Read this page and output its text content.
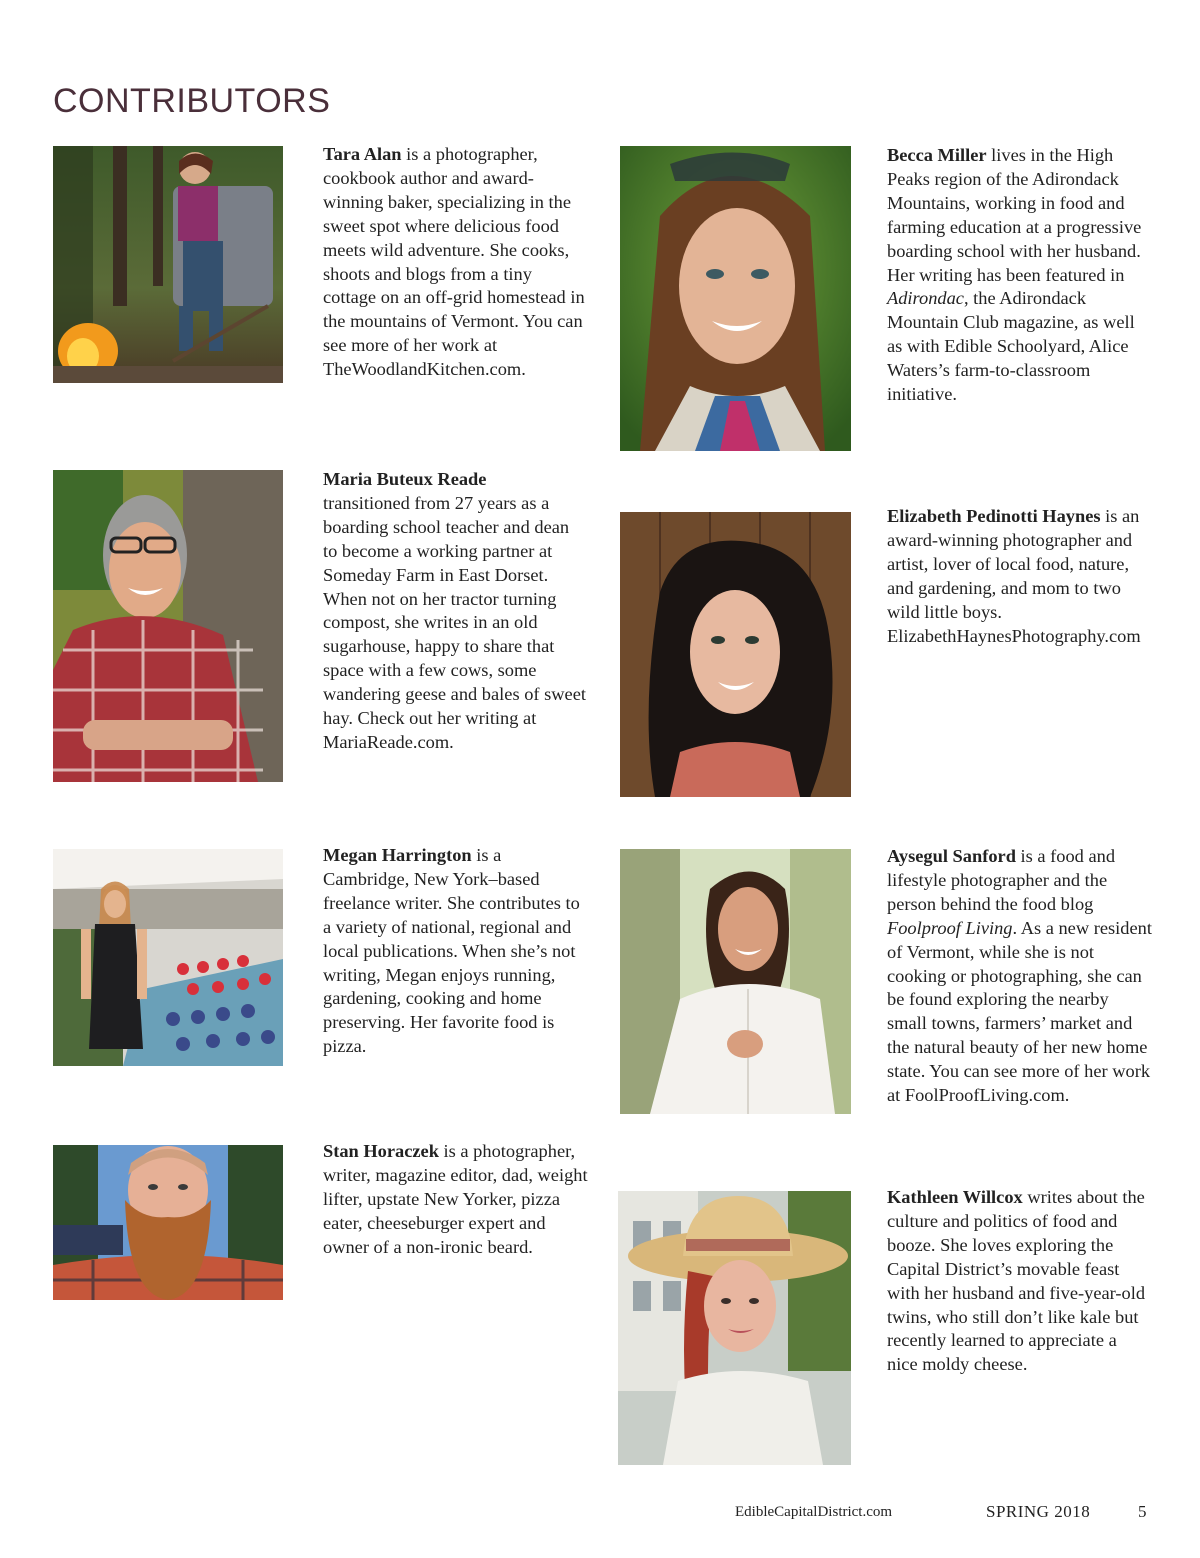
CONTRIBUTORS
Tara Alan is a photographer, cookbook author and award-winning baker, specializing in the sweet spot where delicious food meets wild adventure. She cooks, shoots and blogs from a tiny cottage on an off-grid homestead in the mountains of Vermont. You can see more of her work at TheWoodlandKitchen.com.
Becca Miller lives in the High Peaks region of the Adirondack Mountains, working in food and farming education at a progressive boarding school with her husband. Her writing has been featured in Adirondac, the Adirondack Mountain Club magazine, as well as with Edible Schoolyard, Alice Waters’s farm-to-classroom initiative.
Maria Buteux Reade
transitioned from 27 years as a boarding school teacher and dean to become a working partner at Someday Farm in East Dorset. When not on her tractor turning compost, she writes in an old sugarhouse, happy to share that space with a few cows, some wandering geese and bales of sweet hay. Check out her writing at MariaReade.com.
Elizabeth Pedinotti Haynes is an award-winning photographer and artist, lover of local food, nature, and gardening, and mom to two wild little boys. ElizabethHaynesPhotography.com
Megan Harrington is a Cambridge, New York–based freelance writer. She contributes to a variety of national, regional and local publications. When she’s not writing, Megan enjoys running, gardening, cooking and home preserving. Her favorite food is pizza.
Aysegul Sanford is a food and lifestyle photographer and the person behind the food blog Foolproof Living. As a new resident of Vermont, while she is not cooking or photographing, she can be found exploring the nearby small towns, farmers’ market and the natural beauty of her new home state. You can see more of her work at FoolProofLiving.com.
Stan Horaczek is a photographer, writer, magazine editor, dad, weight lifter, upstate New Yorker, pizza eater, cheeseburger expert and owner of a non-ironic beard.
Kathleen Willcox writes about the culture and politics of food and booze. She loves exploring the Capital District’s movable feast with her husband and five-year-old twins, who still don’t like kale but recently learned to appreciate a nice moldy cheese.
EdibleCapitalDistrict.com	SPRING 2018	5
